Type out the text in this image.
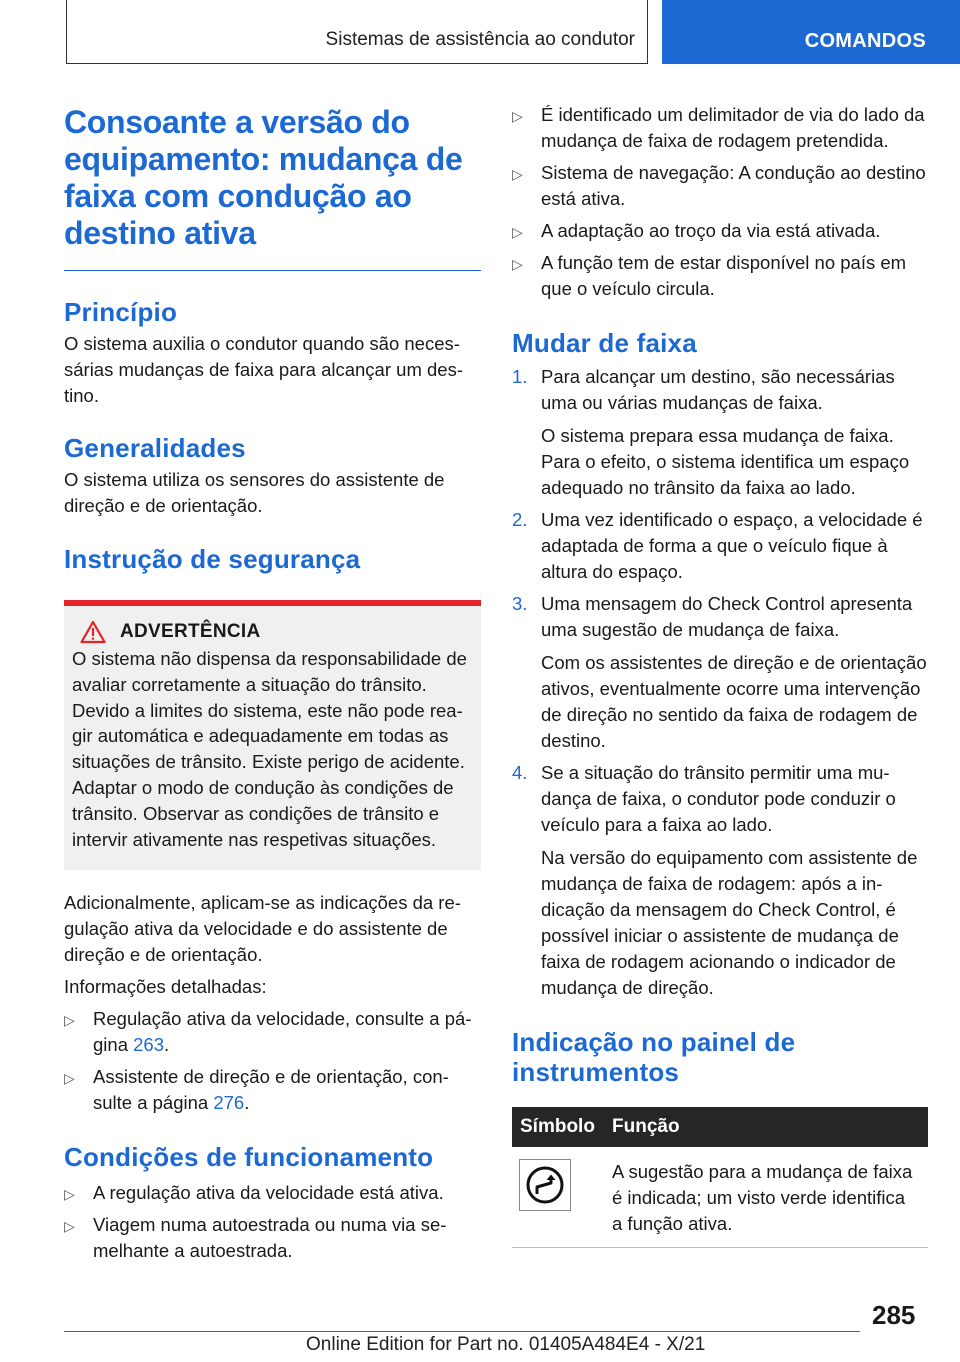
Sistemas de assistência ao condutor	COMANDOS
Consoante a versão do equipamento: mudança de faixa com condução ao destino ativa
Princípio

O sistema auxilia o condutor quando são necessárias mudanças de faixa para alcançar um destino.

Generalidades

O sistema utiliza os sensores do assistente de direção e de orientação.

Instrução de segurança
ADVERTÊNCIA

O sistema não dispensa da responsabilidade de avaliar corretamente a situação do trânsito. Devido a limites do sistema, este não pode reagir automática e adequadamente em todas as situações de trânsito. Existe perigo de acidente.

Adaptar o modo de condução às condições de trânsito. Observar as condições de trânsito e intervir ativamente nas respetivas situações.

Adicionalmente, aplicam-se as indicações da regulação ativa da velocidade e do assistente de direção e de orientação.

Informações detalhadas:

▷ Regulação ativa da velocidade, consulte a página 263.
▷ Assistente de direção e de orientação, consulte a página 276.
Condições de funcionamento
▷ A regulação ativa da velocidade está ativa.
▷ Viagem numa autoestrada ou numa via semelhante a autoestrada.
▷ É identificado um delimitador de via do lado da mudança de faixa de rodagem pretendida.
▷ Sistema de navegação: A condução ao destino está ativa.
▷ A adaptação ao troço da via está ativada.
▷ A função tem de estar disponível no país em que o veículo circula.
Mudar de faixa
1. Para alcançar um destino, são necessárias uma ou várias mudanças de faixa.

O sistema prepara essa mudança de faixa. Para o efeito, o sistema identifica um espaço adequado no trânsito da faixa ao lado.

2. Uma vez identificado o espaço, a velocidade é adaptada de forma a que o veículo fique à altura do espaço.

3. Uma mensagem do Check Control apresenta uma sugestão de mudança de faixa.

Com os assistentes de direção e de orientação ativos, eventualmente ocorre uma intervenção de direção no sentido da faixa de rodagem de destino.

4. Se a situação do trânsito permitir uma mudança de faixa, o condutor pode conduzir o veículo para a faixa ao lado.

Na versão do equipamento com assistente de mudança de faixa de rodagem: após a indicação da mensagem do Check Control, é possível iniciar o assistente de mudança de faixa de rodagem acionando o indicador de mudança de direção.

Indicação no painel de instrumentos
Símbolo	Função

A sugestão para a mudança de faixa é indicada; um visto verde identifica a função ativa.

285
Online Edition for Part no. 01405A484E4 - X/21
